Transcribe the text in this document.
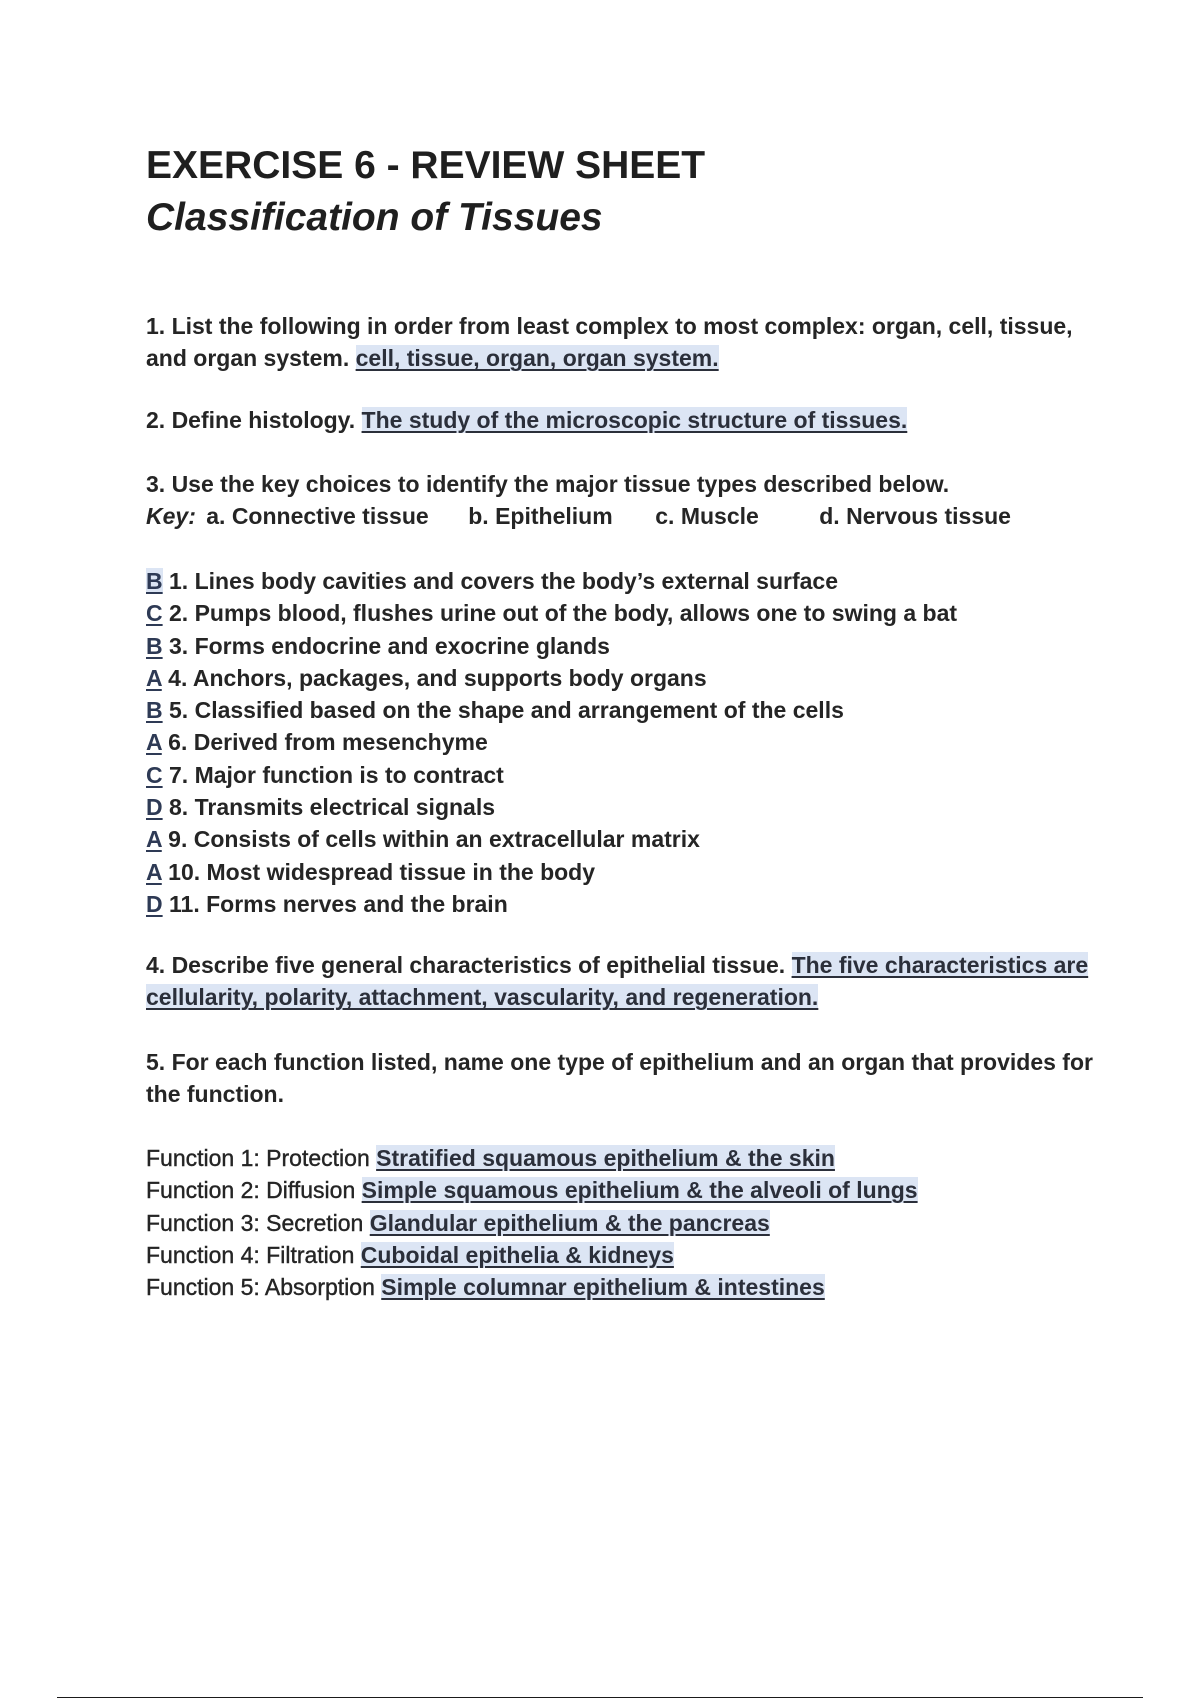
EXERCISE 6 - REVIEW SHEET
Classification of Tissues
1. List the following in order from least complex to most complex: organ, cell, tissue, and organ system. cell, tissue, organ, organ system.
2. Define histology. The study of the microscopic structure of tissues.
3. Use the key choices to identify the major tissue types described below.
Key: a. Connective tissue b. Epithelium c. Muscle	d. Nervous tissue
B 1. Lines body cavities and covers the body’s external surface
C 2. Pumps blood, flushes urine out of the body, allows one to swing a bat
B 3. Forms endocrine and exocrine glands
A 4. Anchors, packages, and supports body organs
B 5. Classified based on the shape and arrangement of the cells
A 6. Derived from mesenchyme
C 7. Major function is to contract
D 8. Transmits electrical signals
A 9. Consists of cells within an extracellular matrix
A 10. Most widespread tissue in the body
D 11. Forms nerves and the brain
4. Describe five general characteristics of epithelial tissue. The five characteristics are cellularity, polarity, attachment, vascularity, and regeneration.
5. For each function listed, name one type of epithelium and an organ that provides for the function.
Function 1: Protection Stratified squamous epithelium & the skin
Function 2: Diffusion Simple squamous epithelium & the alveoli of lungs
Function 3: Secretion Glandular epithelium & the pancreas
Function 4: Filtration Cuboidal epithelia & kidneys
Function 5: Absorption Simple columnar epithelium & intestines
